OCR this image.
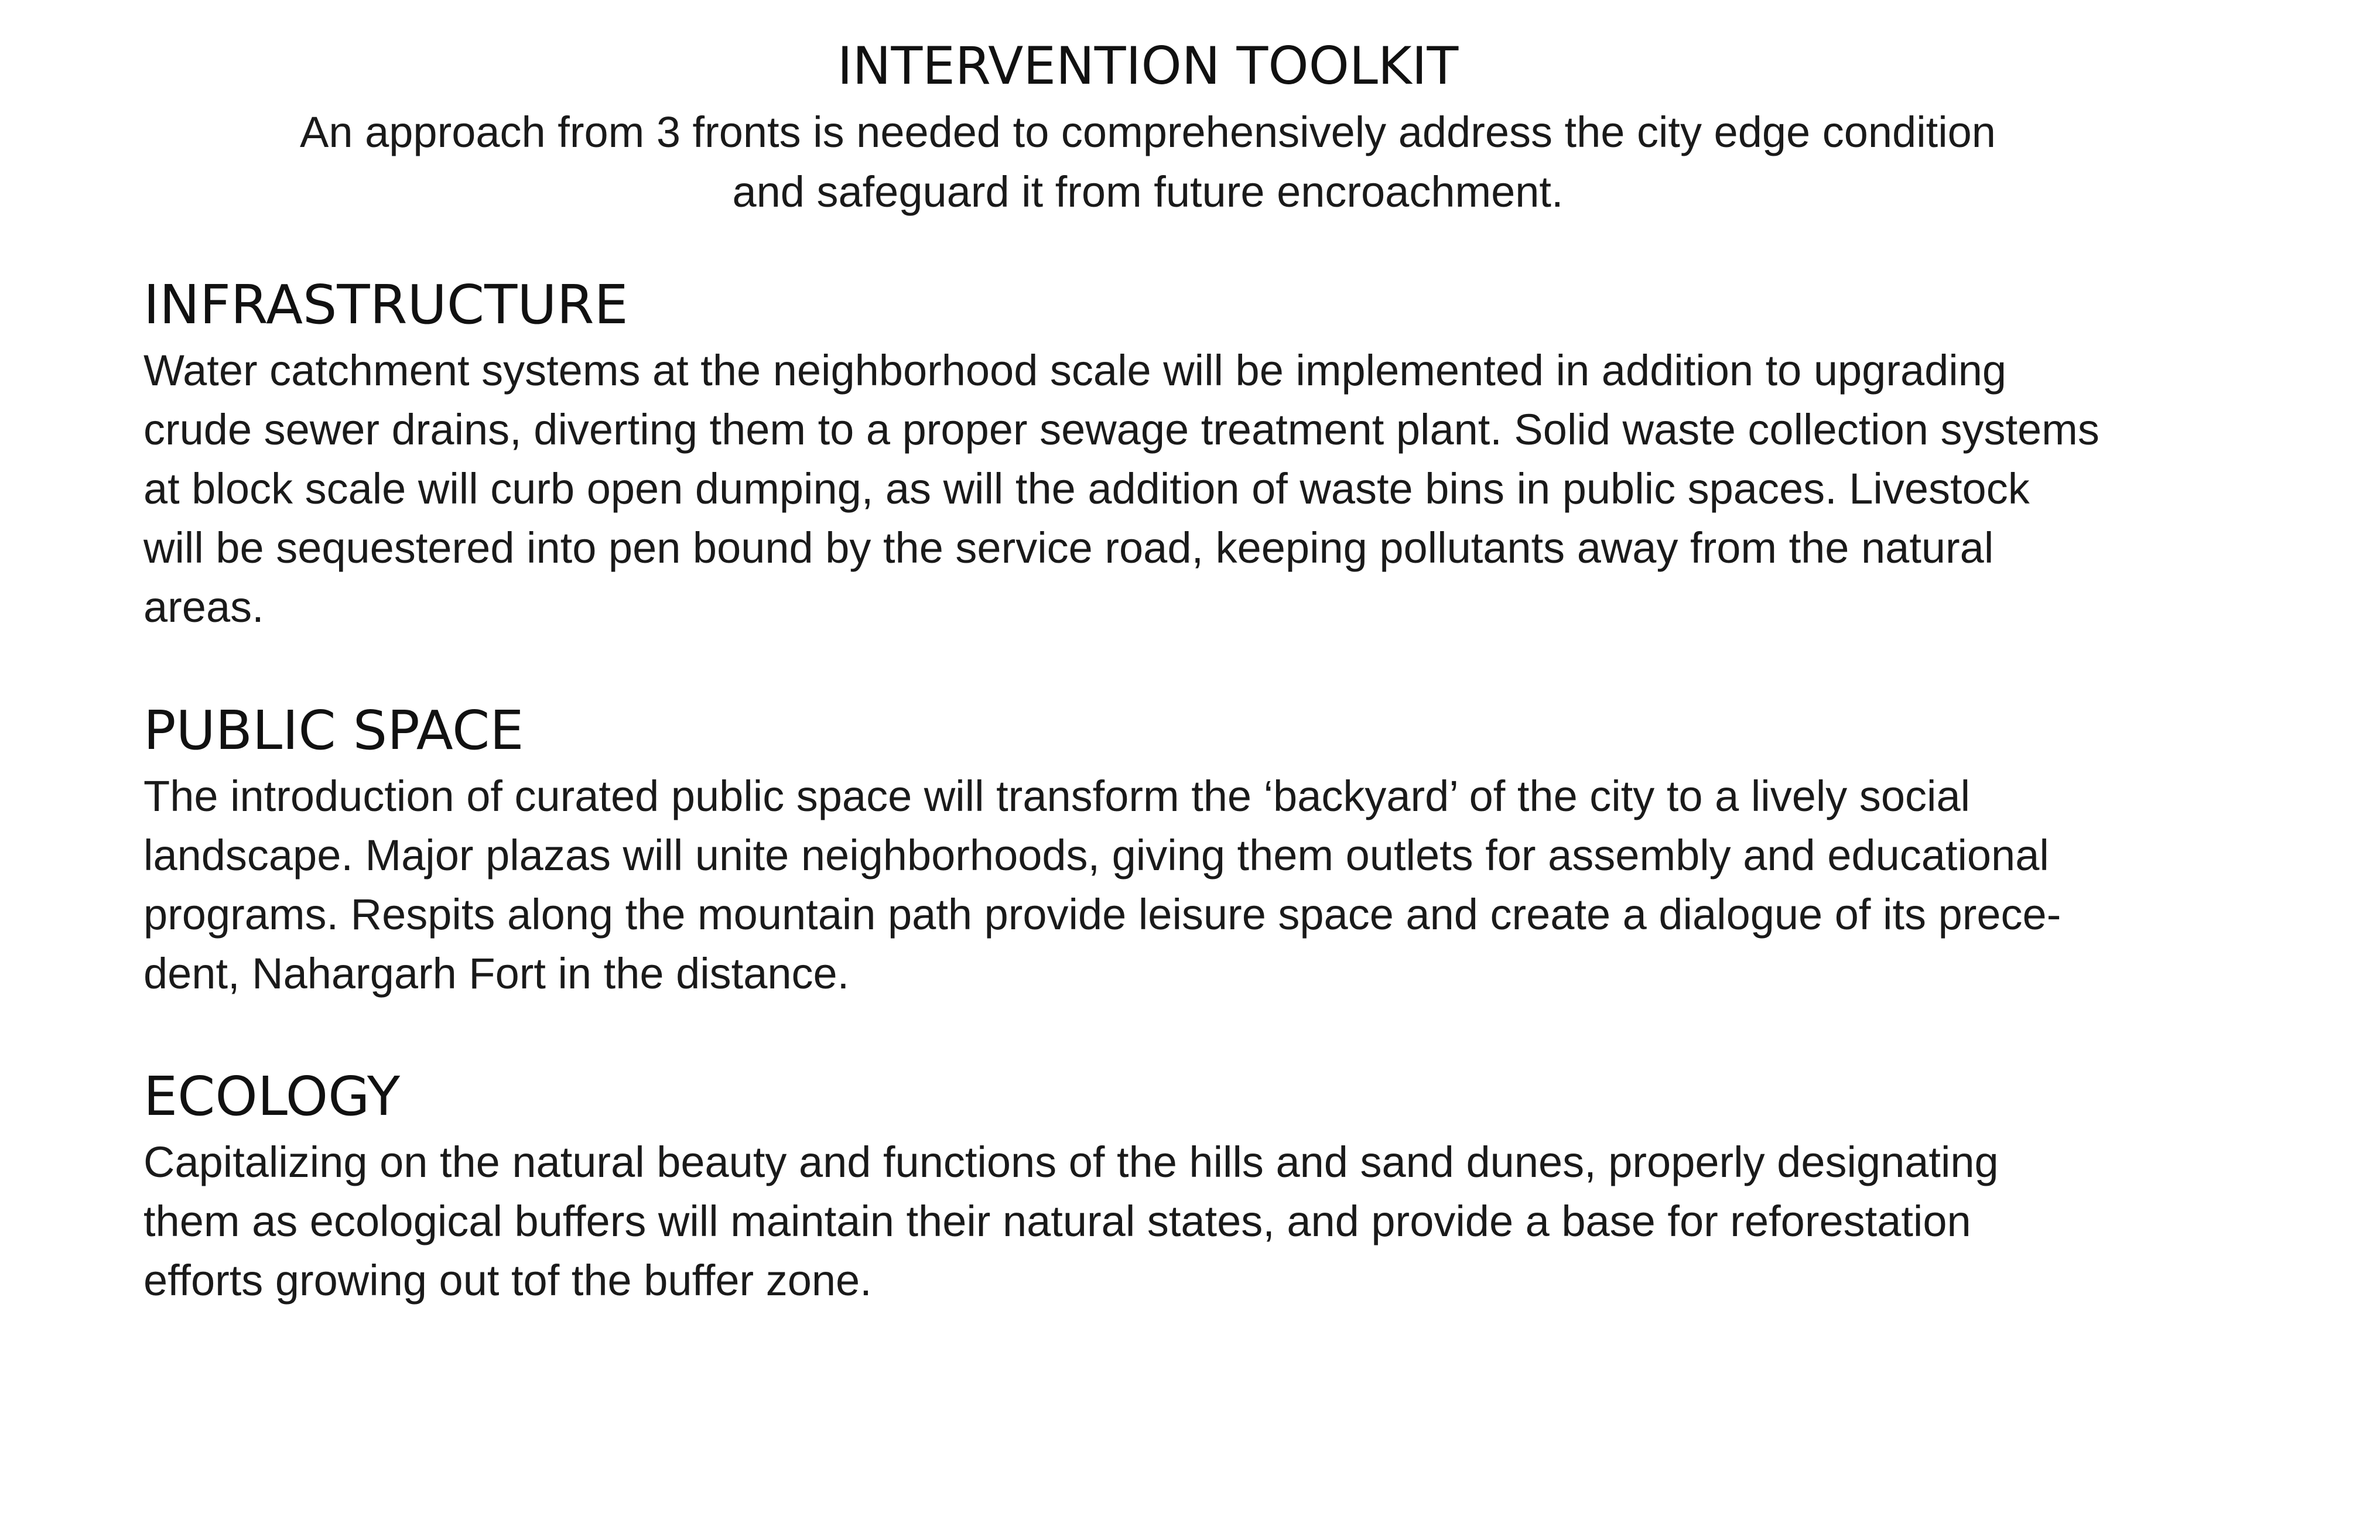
INTERVENTION TOOLKIT
An approach from 3 fronts is needed to comprehensively address the city edge condition
and safeguard it from future encroachment.
INFRASTRUCTURE
Water catchment systems at the neighborhood scale will be implemented in addition to upgrading
crude sewer drains, diverting them to a proper sewage treatment plant. Solid waste collection systems
at block scale will curb open dumping, as will the addition of waste bins in public spaces. Livestock
will be sequestered into pen bound by the service road, keeping pollutants away from the natural
areas.
PUBLIC SPACE
The introduction of curated public space will transform the ‘backyard’ of the city to a lively social
landscape. Major plazas will unite neighborhoods, giving them outlets for assembly and educational
programs. Respits along the mountain path provide leisure space and create a dialogue of its prece-
dent, Nahargarh Fort in the distance.
ECOLOGY
Capitalizing on the natural beauty and functions of the hills and sand dunes, properly designating
them as ecological buffers will maintain their natural states, and provide a base for reforestation
efforts growing out tof the buffer zone.
